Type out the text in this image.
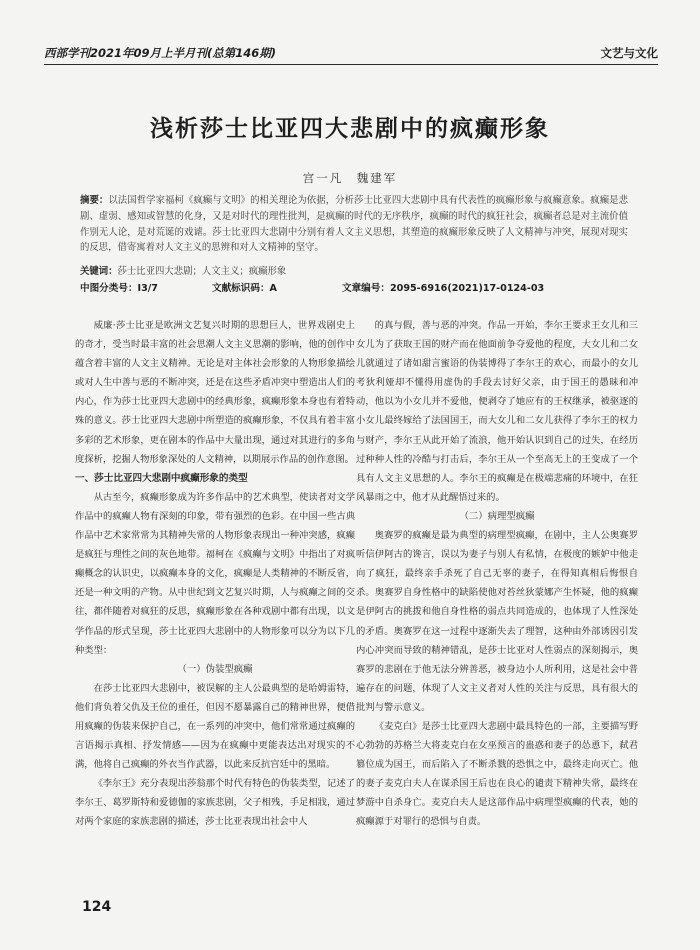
西部学刊2021年09月上半月刊(总第146期)	文艺与文化
浅析莎士比亚四大悲剧中的疯癫形象
宫一凡　魏建军
摘要：以法国哲学家福柯《疯癫与文明》的相关理论为依据，分析莎士比亚四大悲剧中具有代表性的疯癫形象与疯癫意象。疯癫是悲剧、虚弱、感知或智慧的化身，又是对时代的理性批判，是疯癫的时代的无序秩序，疯癫的时代的疯狂社会，疯癫者总是对主流价值作别无人论，是对荒诞的戏谑。莎士比亚四大悲剧中分别有着人文主义思想，其塑造的疯癫形象反映了人文精神与冲突，展现对现实的反思，借寄寓着对人文主义的思辨和对人文精神的坚守。
关键词：莎士比亚四大悲剧；人文主义；疯癫形象
中图分类号：I3/7	文献标识码：A	文章编号：2095-6916(2021)17-0124-03

威廉·莎士比亚是欧洲文艺复兴时期的思想巨人，世界戏剧史上的奇才，受当时最丰富的社会思潮人文主义思潮的影响，他的创作中蕴含着丰富的人文主义精神。无论是对主体社会形象的人物形象描绘或对人生中善与恶的不断冲突，还是在这些矛盾冲突中塑造出人们的内心，作为莎士比亚四大悲剧中的经典形象，疯癫形象本身也有着特殊的意义。莎士比亚四大悲剧中所塑造的疯癫形象，不仅具有着丰富多彩的艺术形象，更在剧本的作品中大量出现，通过对其进行的多角度探析，挖掘人物形象深处的人文精神，以期展示作品的创作意图。

一、莎士比亚四大悲剧中疯癫形象的类型

从古至今，疯癫形象成为许多作品中的艺术典型，使读者对文学作品中的疯癫人物有深刻的印象，带有强烈的色彩。在中国一些古典作品中艺术家常常为其精神失常的人物形象表现出一种冲突感，疯癫是疯狂与理性之间的灰色地带。福柯在《疯癫与文明》中指出了对疯癫概念的认识史，以疯癫本身的文化，疯癫是人类精神的不断反省，还是一种文明的产物。从中世纪到文艺复兴时期，人与疯癫之间的交往，都伴随着对疯狂的反思，疯癫形象在各种戏剧中都有出现，以文学作品的形式呈现，莎士比亚四大悲剧中的人物形象可以分为以下几种类型：

（一）伪装型疯癫

在莎士比亚四大悲剧中，被误解的主人公最典型的是哈姆雷特，他们背负着父仇及王位的重任，但因不愿暴露自己的精神世界，便借用疯癫的伪装来保护自己，在一系列的冲突中，他们常常通过疯癫的言语揭示真相、抒发情感——因为在疯癫中更能表达出对现实的不满，他将自己疯癫的外衣当作武器，以此来反抗宫廷中的黑暗。

《李尔王》充分表现出莎翁那个时代有特色的伪装类型，记述了李尔王、葛罗斯特和爱德伽的家族悲剧，父子相残，手足相戕，通过对两个家庭的家族悲剧的描述，莎士比亚表现出社会中人

的真与假，善与恶的冲突。作品一开始，李尔王要求王女儿和三女儿为了获取王国的财产而在他面前争夺爱他的程度，大女儿和二女儿就通过了诸如甜言蜜语的伪装博得了李尔王的欢心，而最小的女儿考狄利娅却不懂得用虚伪的手段去讨好父亲，由于国王的愚昧和冲动，他以为小女儿并不爱他，便剥夺了她应有的王权继承，被驱逐的小女儿最终嫁给了法国国王，而大女儿和二女儿获得了李尔王的权力与财产，李尔王从此开始了流浪，他开始认识到自己的过失，在经历过种种人性的冷酷与打击后，李尔王从一个至高无上的王变成了一个具有人文主义思想的人。李尔王的疯癫是在极端悲痛的环境中，在狂风暴雨之中，他才从此醒悟过来的。

（二）病理型疯癫

奥赛罗的疯癫是最为典型的病理型疯癫，在剧中，主人公奥赛罗听信伊阿古的谗言，误以为妻子与别人有私情，在极度的嫉妒中他走向了疯狂，最终亲手杀死了自己无辜的妻子，在得知真相后悔恨自杀。奥赛罗自身性格中的缺陷使他对苔丝狄蒙娜产生怀疑，他的疯癫是伊阿古的挑拨和他自身性格的弱点共同造成的，也体现了人性深处的矛盾。奥赛罗在这一过程中逐渐失去了理智，这种由外部诱因引发内心冲突而导致的精神错乱，是莎士比亚对人性弱点的深刻揭示，奥赛罗的悲剧在于他无法分辨善恶，被身边小人所利用，这是社会中普遍存在的问题，体现了人文主义者对人性的关注与反思，具有很大的批判与警示意义。

《麦克白》是莎士比亚四大悲剧中最具特色的一部，主要描写野心勃勃的苏格兰大将麦克白在女巫预言的蛊惑和妻子的怂恿下，弑君篡位成为国王，而后陷入了不断杀戮的恐惧之中，最终走向灭亡。他的妻子麦克白夫人在谋杀国王后也在良心的谴责下精神失常，最终在梦游中自杀身亡。麦克白夫人是这部作品中病理型疯癫的代表，她的疯癫源于对罪行的恐惧与自责。

124
